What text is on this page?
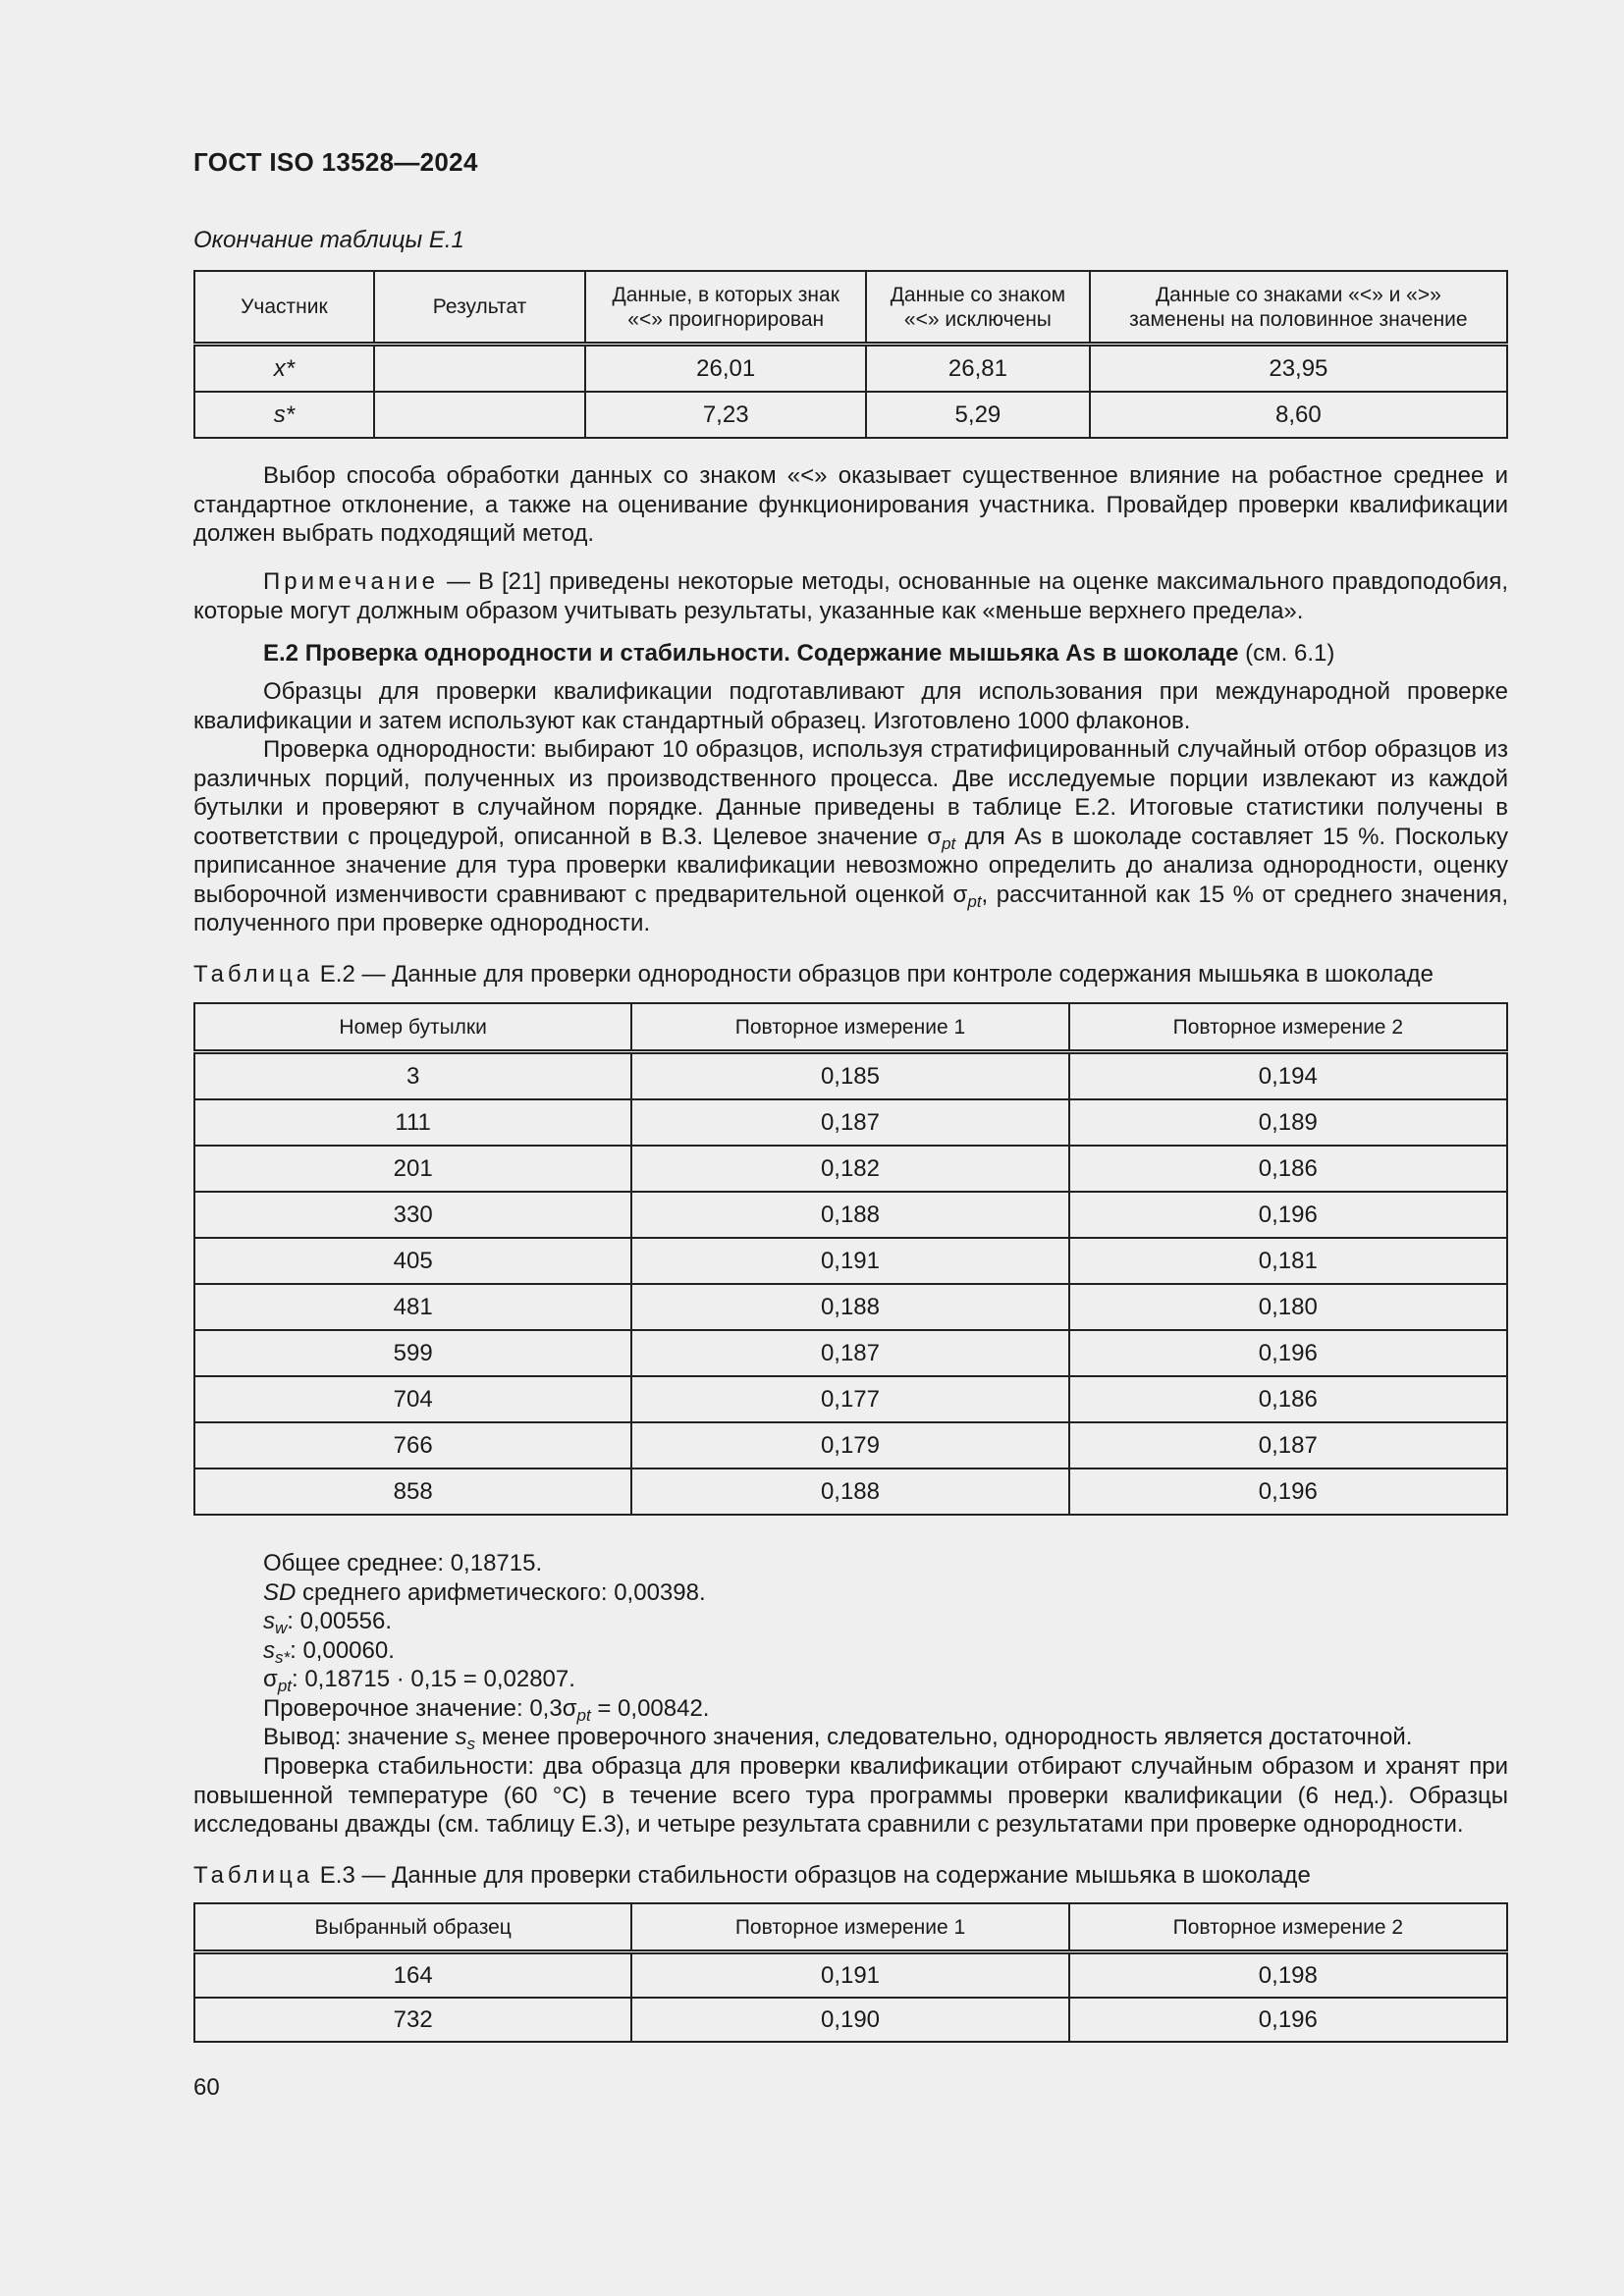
ГОСТ ISO 13528—2024
Окончание таблицы E.1
Участник	Результат	Данные, в которых знак «<» проигнорирован	Данные со знаком «<» исключены	Данные со знаками «<» и «>» заменены на половинное значение
x*		26,01	26,81	23,95
s*		7,23	5,29	8,60

Выбор способа обработки данных со знаком «<» оказывает существенное влияние на робастное среднее и стандартное отклонение, а также на оценивание функционирования участника. Провайдер проверки квалификации должен выбрать подходящий метод.

Примечание — В [21] приведены некоторые методы, основанные на оценке максимального правдоподобия, которые могут должным образом учитывать результаты, указанные как «меньше верхнего предела».

Е.2 Проверка однородности и стабильности. Содержание мышьяка As в шоколаде (см. 6.1)

Образцы для проверки квалификации подготавливают для использования при международной проверке квалификации и затем используют как стандартный образец. Изготовлено 1000 флаконов.

Проверка однородности: выбирают 10 образцов, используя стратифицированный случайный отбор образцов из различных порций, полученных из производственного процесса. Две исследуемые порции извлекают из каждой бутылки и проверяют в случайном порядке. Данные приведены в таблице Е.2. Итоговые статистики получены в соответствии с процедурой, описанной в В.3. Целевое значение $\sigma_{pt}$ для As в шоколаде составляет 15 %. Поскольку приписанное значение для тура проверки квалификации невозможно определить до анализа однородности, оценку выборочной изменчивости сравнивают с предварительной оценкой $\sigma_{pt}$, рассчитанной как 15 % от среднего значения, полученного при проверке однородности.

Таблица Е.2 — Данные для проверки однородности образцов при контроле содержания мышьяка в шоколаде
Номер бутылки	Повторное измерение 1	Повторное измерение 2
3	0,185	0,194
111	0,187	0,189
201	0,182	0,186
330	0,188	0,196
405	0,191	0,181
481	0,188	0,180
599	0,187	0,196
704	0,177	0,186
766	0,179	0,187
858	0,188	0,196
Общее среднее: 0,18715.
SD среднего арифметического: 0,00398.
$s_w$: 0,00556.
$s_{s*}$: 0,00060.
$\sigma_{pt}$: 0,18715 · 0,15 = 0,02807.
Проверочное значение: $0,3\sigma_{pt} = 0,00842$.
Вывод: значение $s_s$ менее проверочного значения, следовательно, однородность является достаточной.

Проверка стабильности: два образца для проверки квалификации отбирают случайным образом и хранят при повышенной температуре (60 °С) в течение всего тура программы проверки квалификации (6 нед.). Образцы исследованы дважды (см. таблицу Е.3), и четыре результата сравнили с результатами при проверке однородности.

Таблица Е.3 — Данные для проверки стабильности образцов на содержание мышьяка в шоколаде
Выбранный образец	Повторное измерение 1	Повторное измерение 2
164	0,191	0,198
732	0,190	0,196
60
